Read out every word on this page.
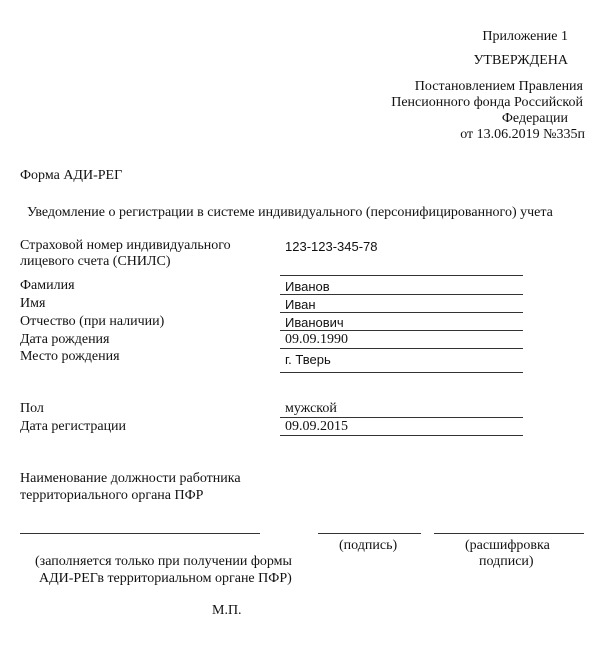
Приложение 1
УТВЕРЖДЕНА
Постановлением Правления
Пенсионного фонда Российской
Федерации
от 13.06.2019 №335п
Форма АДИ-РЕГ
Уведомление о регистрации в системе индивидуального (персонифицированного) учета
Страховой номер индивидуального
лицевого счета (СНИЛС)
123-123-345-78
Фамилия	Иванов
Имя	Иван
Отчество (при наличии)	Иванович
Дата рождения	09.09.1990
Место рождения	г. Тверь
Пол	мужской
Дата регистрации	09.09.2015
Наименование должности работника
территориального органа ПФР
(подпись)	(расшифровка
подписи)
(заполняется только при получении формы
АДИ-РЕГв территориальном органе ПФР)
М.П.
